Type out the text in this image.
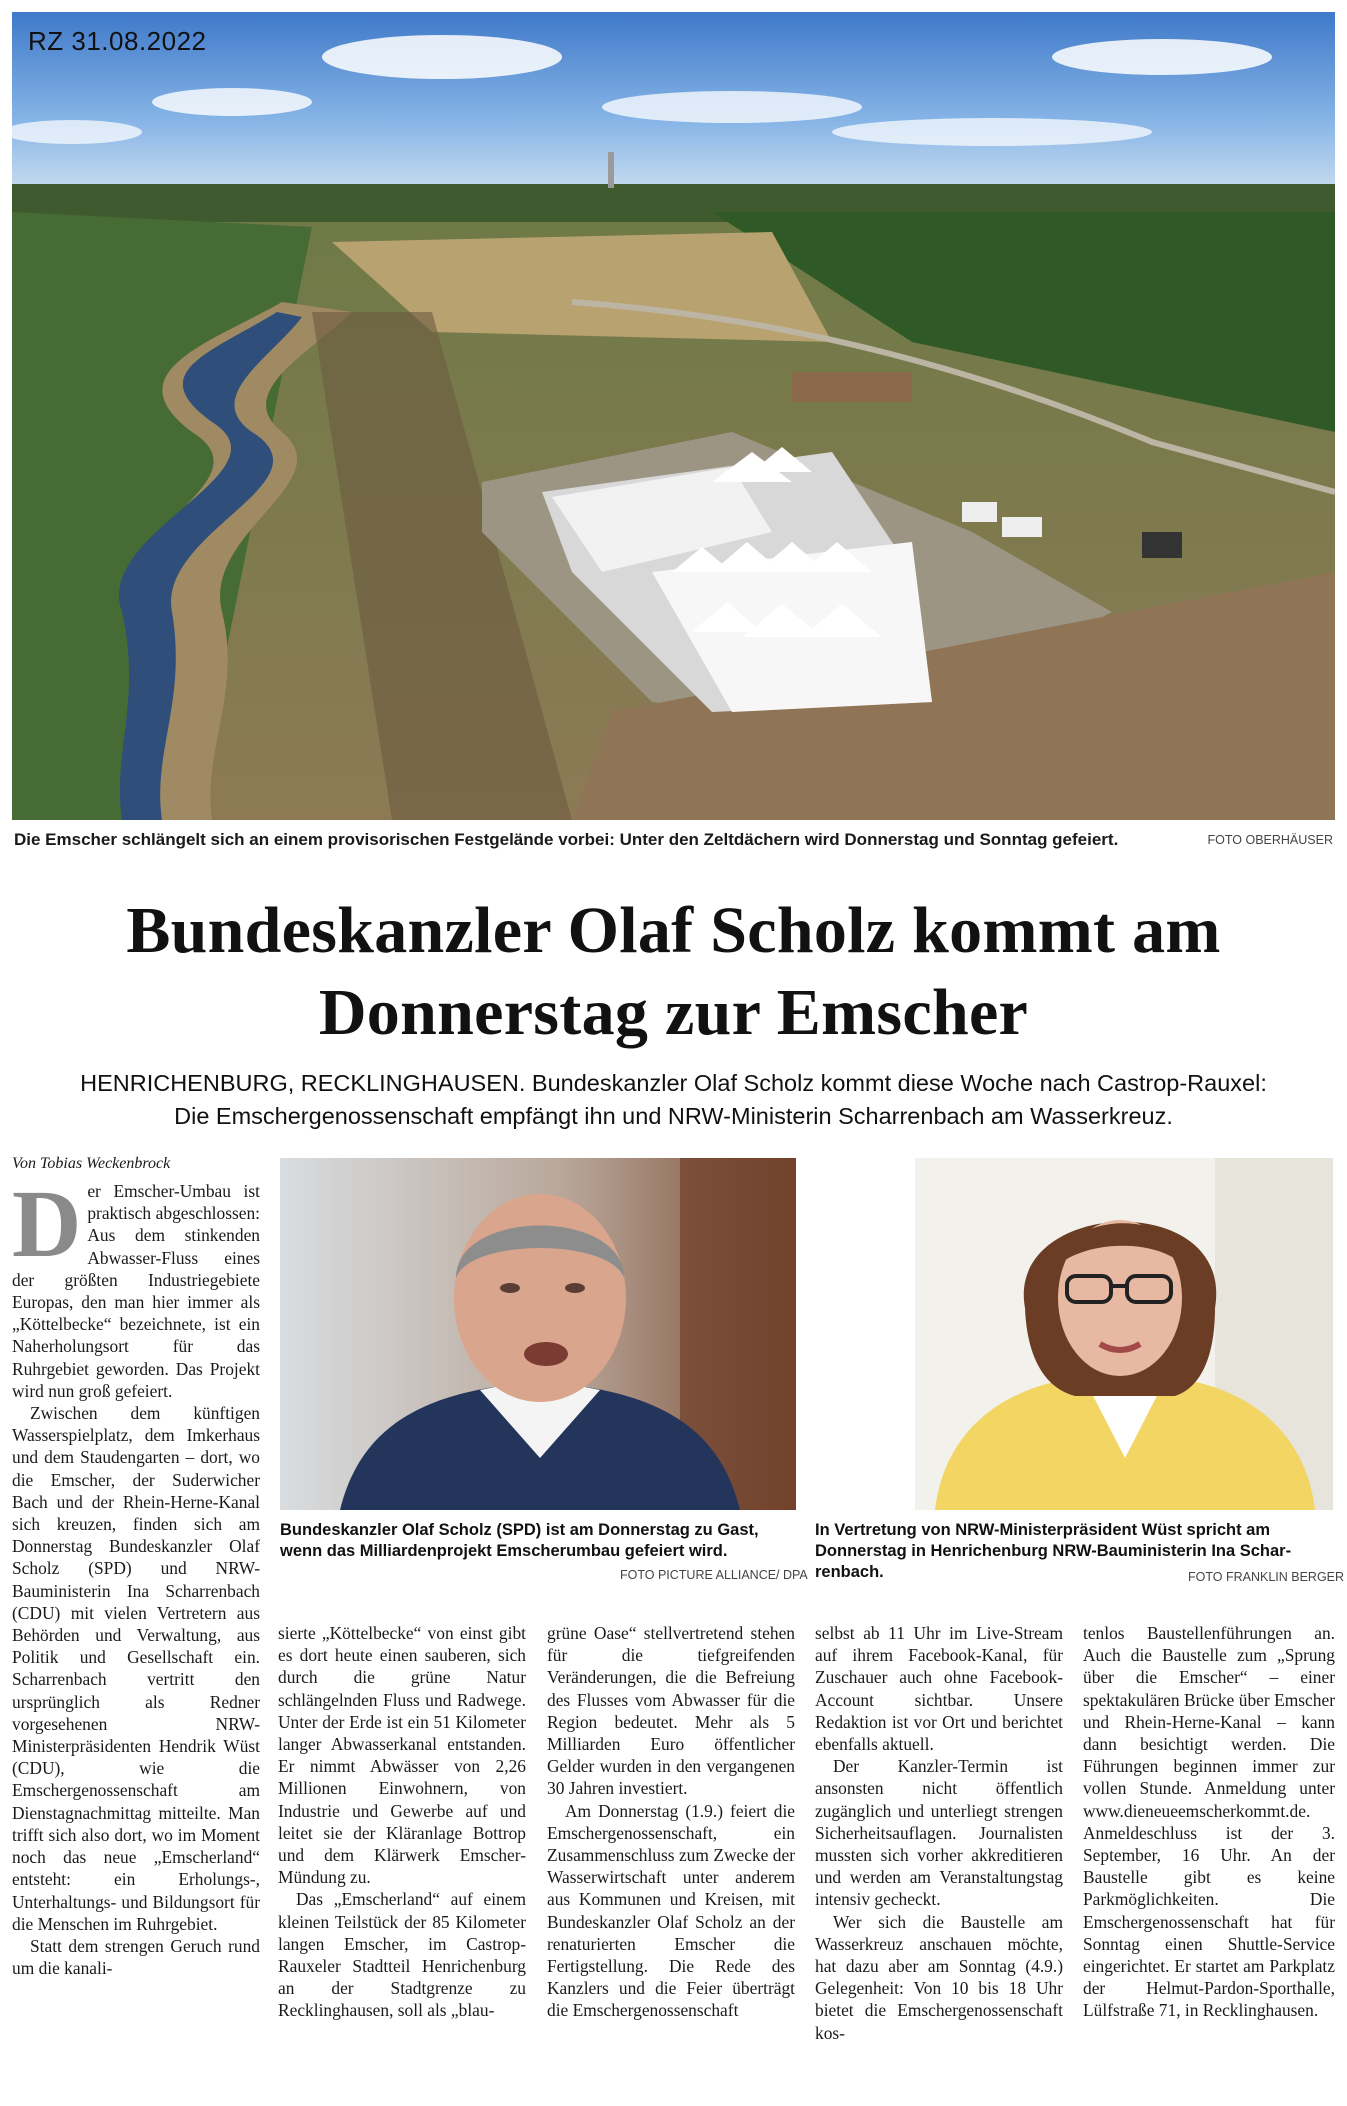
RZ 31.08.2022
Die Emscher schlängelt sich an einem provisorischen Festgelände vorbei: Unter den Zeltdächern wird Donnerstag und Sonntag gefeiert.	FOTO OBERHÄUSER
Bundeskanzler Olaf Scholz kommt am
Donnerstag zur Emscher
HENRICHENBURG, RECKLINGHAUSEN. Bundeskanzler Olaf Scholz kommt diese Woche nach Castrop-Rauxel:
Die Emschergenossenschaft empfängt ihn und NRW-Ministerin Scharrenbach am Wasserkreuz.
Von Tobias Weckenbrock

Der Emscher-Umbau ist praktisch abgeschlossen: Aus dem stinkenden Abwasser-Fluss eines der größten Industriegebiete Europas, den man hier immer als „Köttelbecke“ bezeichnete, ist ein Naherholungsort für das Ruhrgebiet geworden. Das Projekt wird nun groß gefeiert.

Zwischen dem künftigen Wasserspielplatz, dem Imkerhaus und dem Staudengarten – dort, wo die Emscher, der Suderwicher Bach und der Rhein-Herne-Kanal sich kreuzen, finden sich am Donnerstag Bundeskanzler Olaf Scholz (SPD) und NRW-Bauministerin Ina Scharrenbach (CDU) mit vielen Vertretern aus Behörden und Verwaltung, aus Politik und Gesellschaft ein. Scharrenbach vertritt den ursprünglich als Redner vorgesehenen NRW-Ministerpräsidenten Hendrik Wüst (CDU), wie die Emschergenossenschaft am Dienstagnachmittag mitteilte. Man trifft sich also dort, wo im Moment noch das neue „Emscherland“ entsteht: ein Erholungs-, Unterhaltungs- und Bildungsort für die Menschen im Ruhrgebiet.

Statt dem strengen Geruch rund um die kanali-

Bundeskanzler Olaf Scholz (SPD) ist am Donnerstag zu Gast,
wenn das Milliardenprojekt Emscherumbau gefeiert wird.
FOTO PICTURE ALLIANCE/ DPA
In Vertretung von NRW-Ministerpräsident Wüst spricht am
Donnerstag in Henrichenburg NRW-Bauministerin Ina Schar-
renbach.	FOTO FRANKLIN BERGER

sierte „Köttelbecke“ von einst gibt es dort heute einen sauberen, sich durch die grüne Natur schlängelnden Fluss und Radwege. Unter der Erde ist ein 51 Kilometer langer Abwasserkanal entstanden. Er nimmt Abwässer von 2,26 Millionen Einwohnern, von Industrie und Gewerbe auf und leitet sie der Kläranlage Bottrop und dem Klärwerk Emscher-Mündung zu.

Das „Emscherland“ auf einem kleinen Teilstück der 85 Kilometer langen Emscher, im Castrop-Rauxeler Stadtteil Henrichenburg an der Stadtgrenze zu Recklinghausen, soll als „blau-

grüne Oase“ stellvertretend stehen für die tiefgreifenden Veränderungen, die die Befreiung des Flusses vom Abwasser für die Region bedeutet. Mehr als 5 Milliarden Euro öffentlicher Gelder wurden in den vergangenen 30 Jahren investiert.

Am Donnerstag (1.9.) feiert die Emschergenossenschaft, ein Zusammenschluss zum Zwecke der Wasserwirtschaft unter anderem aus Kommunen und Kreisen, mit Bundeskanzler Olaf Scholz an der renaturierten Emscher die Fertigstellung. Die Rede des Kanzlers und die Feier überträgt die Emschergenossenschaft

selbst ab 11 Uhr im Live-Stream auf ihrem Facebook-Kanal, für Zuschauer auch ohne Facebook-Account sichtbar. Unsere Redaktion ist vor Ort und berichtet ebenfalls aktuell.

Der Kanzler-Termin ist ansonsten nicht öffentlich zugänglich und unterliegt strengen Sicherheitsauflagen. Journalisten mussten sich vorher akkreditieren und werden am Veranstaltungstag intensiv gecheckt.

Wer sich die Baustelle am Wasserkreuz anschauen möchte, hat dazu aber am Sonntag (4.9.) Gelegenheit: Von 10 bis 18 Uhr bietet die Emschergenossenschaft kos-

tenlos Baustellenführungen an. Auch die Baustelle zum „Sprung über die Emscher“ – einer spektakulären Brücke über Emscher und Rhein-Herne-Kanal – kann dann besichtigt werden. Die Führungen beginnen immer zur vollen Stunde. Anmeldung unter www.dieneueemscherkommt.de. Anmeldeschluss ist der 3. September, 16 Uhr. An der Baustelle gibt es keine Parkmöglichkeiten. Die Emschergenossenschaft hat für Sonntag einen Shuttle-Service eingerichtet. Er startet am Parkplatz der Helmut-Pardon-Sporthalle, Lülfstraße 71, in Recklinghausen.
